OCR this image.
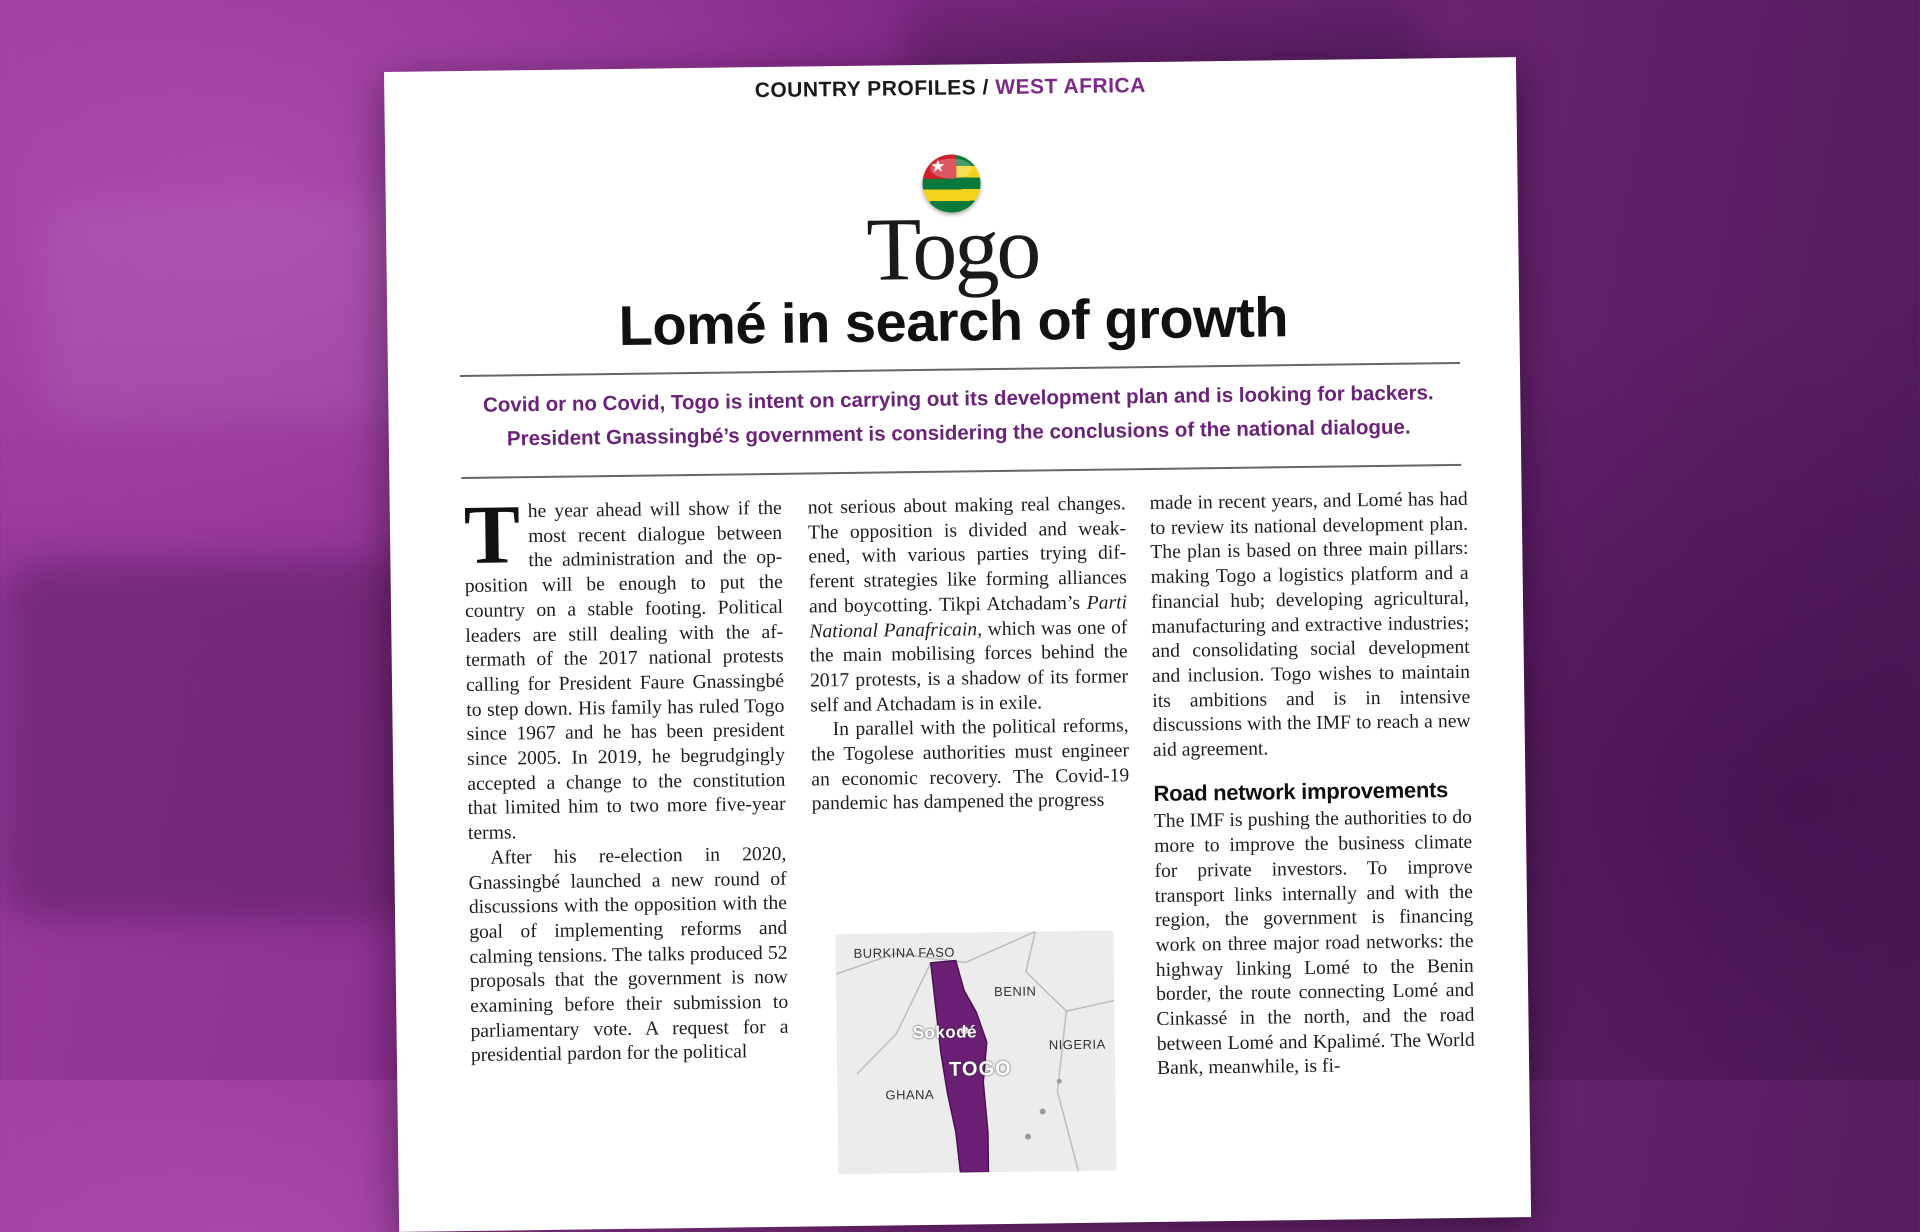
COUNTRY PROFILES / WEST AFRICA
★
Togo
Lomé in search of growth

Covid or no Covid, Togo is intent on carrying out its development plan and is looking for backers.

President Gnassingbé’s government is considering the conclusions of the national dialogue.

The year ahead will show if the most recent dialogue between the administration and the opposition will be enough to put the country on a stable footing. Political leaders are still dealing with the aftermath of the 2017 national protests calling for President Faure Gnassingbé to step down. His family has ruled Togo since 1967 and he has been president since 2005. In 2019, he begrudgingly accepted a change to the constitution that limited him to two more five-year terms.

After his re-election in 2020, Gnassingbé launched a new round of discussions with the opposition with the goal of implementing reforms and calming tensions. The talks produced 52 proposals that the government is now examining before their submission to parliamentary vote. A request for a presidential pardon for the political

not serious about making real changes. The opposition is divided and weakened, with various parties trying different strategies like forming alliances and boycotting. Tikpi Atchadam’s Parti National Panafricain, which was one of the main mobilising forces behind the 2017 protests, is a shadow of its former self and Atchadam is in exile.

In parallel with the political reforms, the Togolese authorities must engineer an economic recovery. The Covid-19 pandemic has dampened the progress

made in recent years, and Lomé has had to review its national development plan. The plan is based on three main pillars: making Togo a logistics platform and a financial hub; developing agricultural, manufacturing and extractive industries; and consolidating social development and inclusion. Togo wishes to maintain its ambitions and is in intensive discussions with the IMF to reach a new aid agreement.

Road network improvements

The IMF is pushing the authorities to do more to improve the business climate for private investors. To improve transport links internally and with the region, the government is financing work on three major road networks: the highway linking Lomé to the Benin border, the route connecting Lomé and Cinkassé in the north, and the road between Lomé and Kpalimé. The World Bank, meanwhile, is fi-

BURKINA FASO
BENIN
NIGERIA
GHANA
Sokodé
TOGO
